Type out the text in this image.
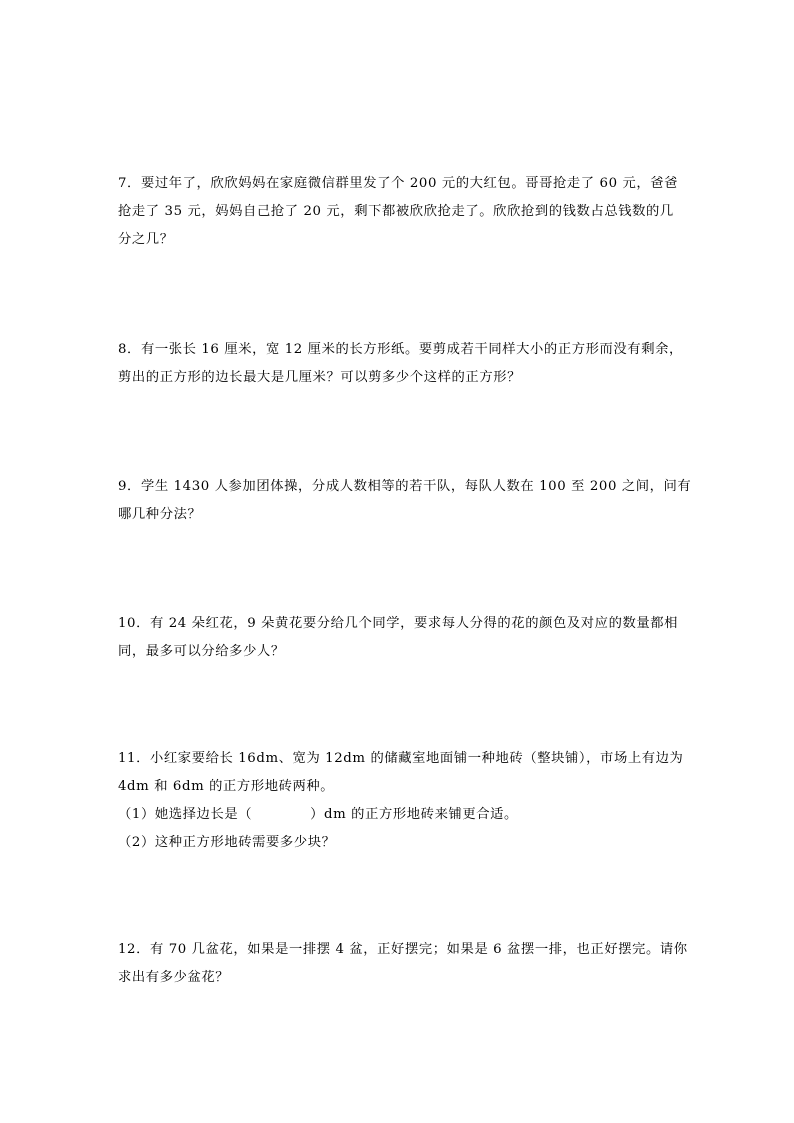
7．要过年了，欣欣妈妈在家庭微信群里发了个 200 元的大红包。哥哥抢走了 60 元，爸爸
抢走了 35 元，妈妈自己抢了 20 元，剩下都被欣欣抢走了。欣欣抢到的钱数占总钱数的几
分之几？
8．有一张长 16 厘米，宽 12 厘米的长方形纸。要剪成若干同样大小的正方形而没有剩余，
剪出的正方形的边长最大是几厘米？可以剪多少个这样的正方形？
9．学生 1430 人参加团体操，分成人数相等的若干队，每队人数在 100 至 200 之间，问有
哪几种分法？
10．有 24 朵红花，9 朵黄花要分给几个同学，要求每人分得的花的颜色及对应的数量都相
同，最多可以分给多少人？
11．小红家要给长 16dm、宽为 12dm 的储藏室地面铺一种地砖（整块铺），市场上有边为
4dm 和 6dm 的正方形地砖两种。
（1）她选择边长是（	）dm 的正方形地砖来铺更合适。
（2）这种正方形地砖需要多少块？
12．有 70 几盆花，如果是一排摆 4 盆，正好摆完；如果是 6 盆摆一排，也正好摆完。请你
求出有多少盆花？
